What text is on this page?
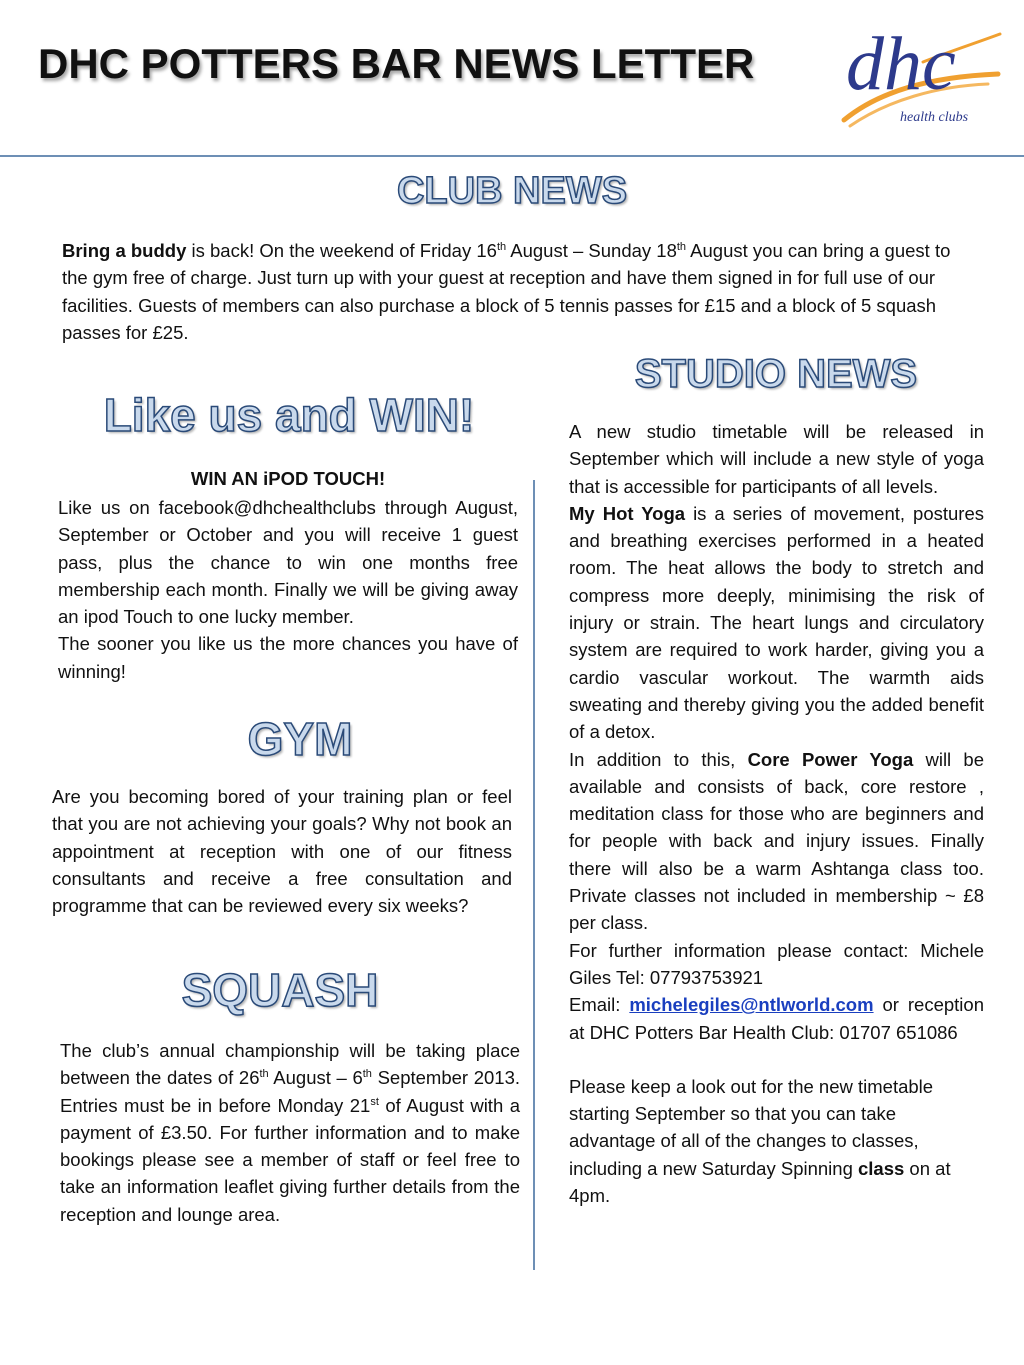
DHC POTTERS BAR NEWS LETTER dhc
health clubs
CLUB NEWS
Bring a buddy is back! On the weekend of Friday 16th August – Sunday 18th August you can bring a guest to the gym free of charge. Just turn up with your guest at reception and have them signed in for full use of our facilities. Guests of members can also purchase a block of 5 tennis passes for £15 and a block of 5 squash passes for £25.
STUDIO NEWS
Like us and WIN!
WIN AN iPOD TOUCH!

Like us on facebook@dhchealthclubs through August, September or October and you will receive 1 guest pass, plus the chance to win one months free membership each month. Finally we will be giving away an ipod Touch to one lucky member.

The sooner you like us the more chances you have of winning!

GYM
Are you becoming bored of your training plan or feel that you are not achieving your goals? Why not book an appointment at reception with one of our fitness consultants and receive a free consultation and programme that can be reviewed every six weeks?
SQUASH
The club’s annual championship will be taking place between the dates of 26th August – 6th September 2013. Entries must be in before Monday 21st of August with a payment of £3.50. For further information and to make bookings please see a member of staff or feel free to take an information leaflet giving further details from the reception and lounge area.

A new studio timetable will be released in September which will include a new style of yoga that is accessible for participants of all levels.

My Hot Yoga is a series of movement, postures and breathing exercises performed in a heated room. The heat allows the body to stretch and compress more deeply, minimising the risk of injury or strain. The heart lungs and circulatory system are required to work harder, giving you a cardio vascular workout. The warmth aids sweating and thereby giving you the added benefit of a detox.

In addition to this, Core Power Yoga will be available and consists of back, core restore , meditation class for those who are beginners and for people with back and injury issues. Finally there will also be a warm Ashtanga class too. Private classes not included in membership ~ £8 per class.

For further information please contact: Michele Giles Tel: 07793753921

Email: michelegiles@ntlworld.com or reception at DHC Potters Bar Health Club: 01707 651086

Please keep a look out for the new timetable starting September so that you can take advantage of all of the changes to classes, including a new Saturday Spinning class on at 4pm.
